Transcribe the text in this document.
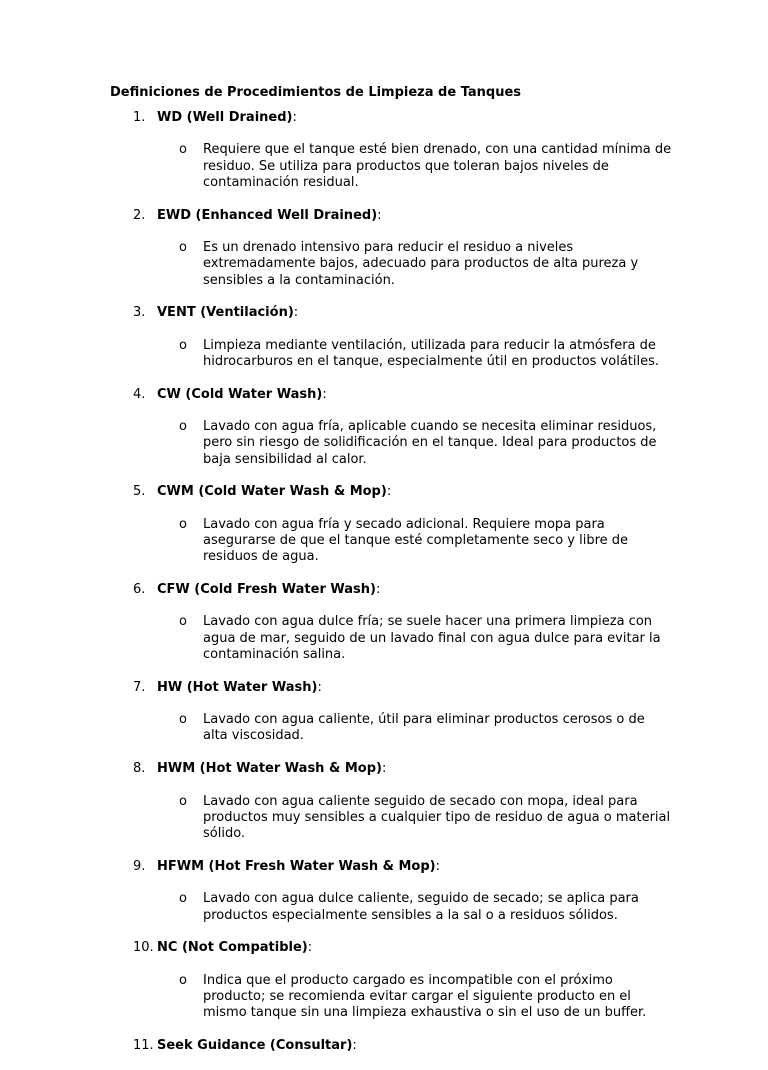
Definiciones de Procedimientos de Limpieza de Tanques
1. WD (Well Drained):
o Requiere que el tanque esté bien drenado, con una cantidad mínima de residuo. Se utiliza para productos que toleran bajos niveles de contaminación residual.
2. EWD (Enhanced Well Drained):
o Es un drenado intensivo para reducir el residuo a niveles extremadamente bajos, adecuado para productos de alta pureza y sensibles a la contaminación.
3. VENT (Ventilación):
o Limpieza mediante ventilación, utilizada para reducir la atmósfera de hidrocarburos en el tanque, especialmente útil en productos volátiles.
4. CW (Cold Water Wash):
o Lavado con agua fría, aplicable cuando se necesita eliminar residuos, pero sin riesgo de solidificación en el tanque. Ideal para productos de baja sensibilidad al calor.
5. CWM (Cold Water Wash & Mop):
o Lavado con agua fría y secado adicional. Requiere mopa para asegurarse de que el tanque esté completamente seco y libre de residuos de agua.
6. CFW (Cold Fresh Water Wash):
o Lavado con agua dulce fría; se suele hacer una primera limpieza con agua de mar, seguido de un lavado final con agua dulce para evitar la contaminación salina.
7. HW (Hot Water Wash):
o Lavado con agua caliente, útil para eliminar productos cerosos o de alta viscosidad.
8. HWM (Hot Water Wash & Mop):
o Lavado con agua caliente seguido de secado con mopa, ideal para productos muy sensibles a cualquier tipo de residuo de agua o material sólido.
9. HFWM (Hot Fresh Water Wash & Mop):
o Lavado con agua dulce caliente, seguido de secado; se aplica para productos especialmente sensibles a la sal o a residuos sólidos.
10. NC (Not Compatible):
o Indica que el producto cargado es incompatible con el próximo producto; se recomienda evitar cargar el siguiente producto en el mismo tanque sin una limpieza exhaustiva o sin el uso de un buffer.
11. Seek Guidance (Consultar):
